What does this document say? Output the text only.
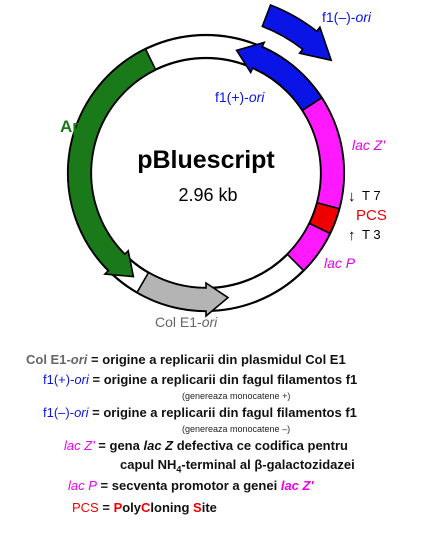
pBluescript
2.96 kb
f1(–)-ori
f1(+)-ori
Ap$^r$
lac Z'
↓ T 7
PCS
↑ T 3
lac P
Col E1-ori
Col E1-ori = origine a replicarii din plasmidul Col E1
f1(+)-ori = origine a replicarii din fagul filamentos f1
(genereaza monocatene +)
f1(–)-ori = origine a replicarii din fagul filamentos f1
(genereaza monocatene –)
lac Z' = gena lac Z defectiva ce codifica pentru
capul $NH_4$-terminal al β-galactozidazei
lac P = secventa promotor a genei lac Z'
PCS = PolyCloning Site
